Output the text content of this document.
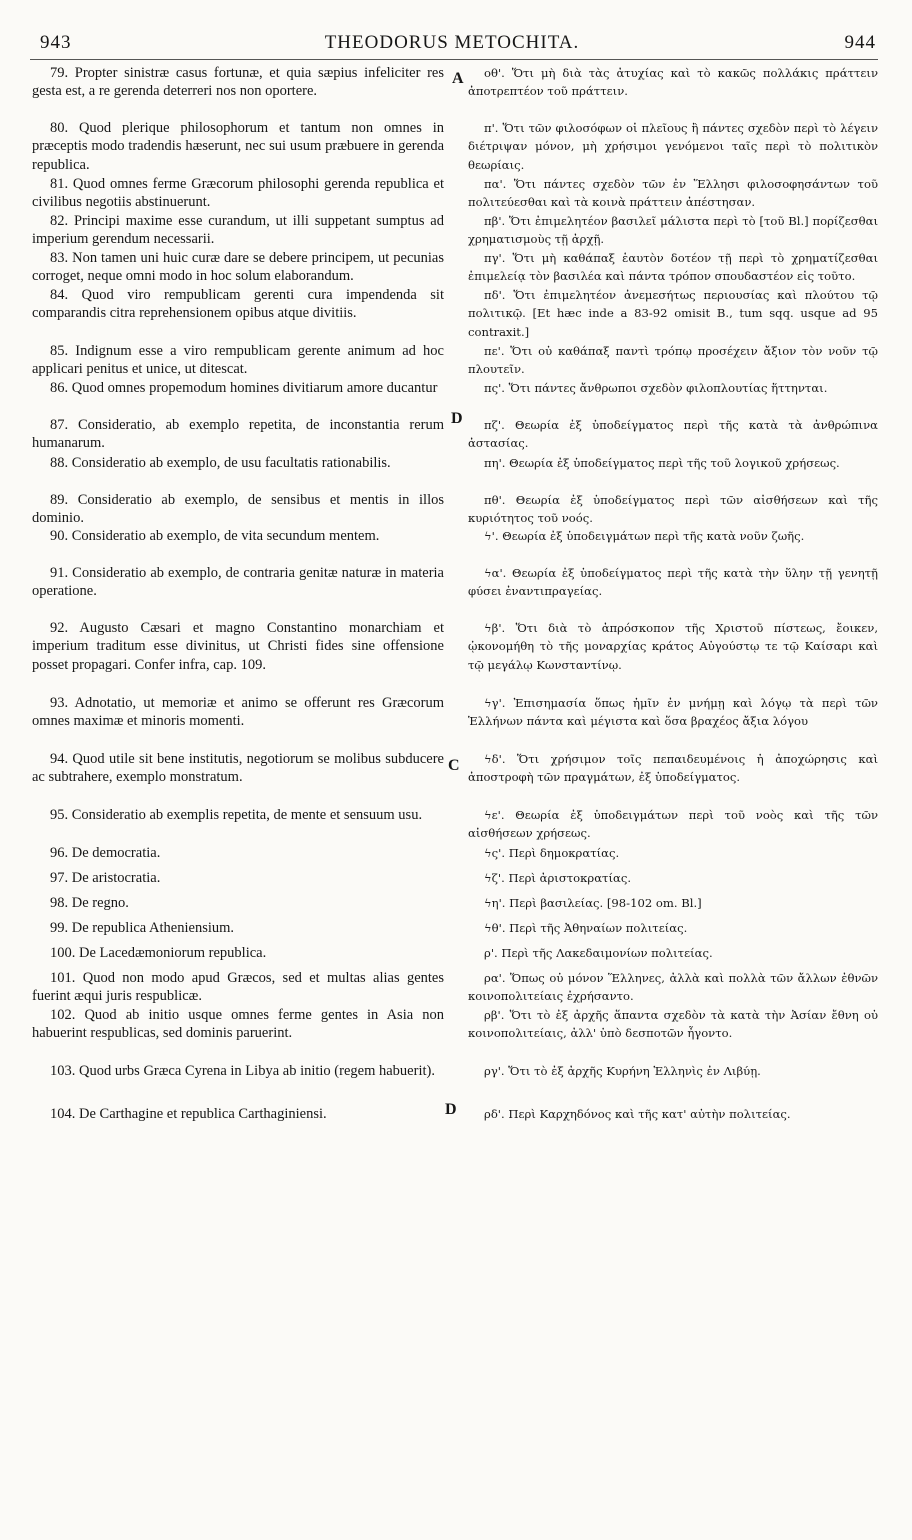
943	THEODORUS METOCHITA.	944
79. Propter sinistræ casus fortunæ, et quia sæpius infeliciter res gesta est, a re gerenda deterreri nos non oportere.
80. Quod plerique philosophorum et tantum non omnes in præceptis modo tradendis hæserunt, nec sui usum præbuere in gerenda republica.
81. Quod omnes ferme Græcorum philosophi gerenda republica et civilibus negotiis abstinuerunt.
82. Principi maxime esse curandum, ut illi suppetant sumptus ad imperium gerendum necessarii.
83. Non tamen uni huic curæ dare se debere principem, ut pecunias corroget, neque omni modo in hoc solum elaborandum.
84. Quod viro rempublicam gerenti cura impendenda sit comparandis citra reprehensionem opibus atque divitiis.
85. Indignum esse a viro rempublicam gerente animum ad hoc applicari penitus et unice, ut ditescat.
86. Quod omnes propemodum homines divitiarum amore ducantur
87. Consideratio, ab exemplo repetita, de inconstantia rerum humanarum.
88. Consideratio ab exemplo, de usu facultatis rationabilis.
89. Consideratio ab exemplo, de sensibus et mentis in illos dominio.
90. Consideratio ab exemplo, de vita secundum mentem.
91. Consideratio ab exemplo, de contraria genitæ naturæ in materia operatione.
92. Augusto Cæsari et magno Constantino monarchiam et imperium traditum esse divinitus, ut Christi fides sine offensione posset propagari. Confer infra, cap. 109.
93. Adnotatio, ut memoriæ et animo se offerunt res Græcorum omnes maximæ et minoris momenti.
94. Quod utile sit bene institutis, negotiorum se molibus subducere ac subtrahere, exemplo monstratum.
95. Consideratio ab exemplis repetita, de mente et sensuum usu.
96. De democratia.
97. De aristocratia.
98. De regno.
99. De republica Atheniensium.
100. De Lacedæmoniorum republica.
101. Quod non modo apud Græcos, sed et multas alias gentes fuerint æqui juris respublicæ.
102. Quod ab initio usque omnes ferme gentes in Asia non habuerint respublicas, sed dominis paruerint.
103. Quod urbs Græca Cyrena in Libya ab initio (regem habuerit).
104. De Carthagine et republica Carthaginiensi.
οθ'. Ὅτι μὴ διὰ τὰς ἀτυχίας καὶ τὸ κακῶς πολλάκις πράττειν ἀποτρεπτέον τοῦ πράττειν.
π'. Ὅτι τῶν φιλοσόφων οἱ πλεῖους ἢ πάντες σχεδὸν περὶ τὸ λέγειν διέτριψαν μόνον, μὴ χρήσιμοι γενόμενοι ταῖς περὶ τὸ πολιτικὸν θεωρίαις.
πα'. Ὅτι πάντες σχεδὸν τῶν ἐν Ἕλλησι φιλοσοφησάντων τοῦ πολιτεύεσθαι καὶ τὰ κοινὰ πράττειν ἀπέστησαν.
πβ'. Ὅτι ἐπιμελητέον βασιλεῖ μάλιστα περὶ τὸ [τοῦ Bl.] πορίζεσθαι χρηματισμοὺς τῇ ἀρχῇ.
πγ'. Ὅτι μὴ καθάπαξ ἑαυτὸν δοτέον τῇ περὶ τὸ χρηματίζεσθαι ἐπιμελείᾳ τὸν βασιλέα καὶ πάντα τρόπον σπουδαστέον εἰς τοῦτο.
πδ'. Ὅτι ἐπιμελητέον ἀνεμεσήτως περιουσίας καὶ πλούτου τῷ πολιτικῷ. [Et hæc inde a 83-92 omisit B., tum sqq. usque ad 95 contraxit.]
πε'. Ὅτι οὐ καθάπαξ παντὶ τρόπῳ προσέχειν ἄξιον τὸν νοῦν τῷ πλουτεῖν.
πς'. Ὅτι πάντες ἄνθρωποι σχεδὸν φιλοπλουτίας ἥττηνται.
πζ'. Θεωρία ἐξ ὑποδείγματος περὶ τῆς κατὰ τὰ ἀνθρώπινα ἀστασίας.
πη'. Θεωρία ἐξ ὑποδείγματος περὶ τῆς τοῦ λογικοῦ χρήσεως.
πθ'. Θεωρία ἐξ ὑποδείγματος περὶ τῶν αἰσθήσεων καὶ τῆς κυριότητος τοῦ νοός.
ϟ'. Θεωρία ἐξ ὑποδειγμάτων περὶ τῆς κατὰ νοῦν ζωῆς.
ϟα'. Θεωρία ἐξ ὑποδείγματος περὶ τῆς κατὰ τὴν ὕλην τῇ γενητῇ φύσει ἐναντιπραγείας.
ϟβ'. Ὅτι διὰ τὸ ἀπρόσκοπον τῆς Χριστοῦ πίστεως, ἔοικεν, ᾠκονομήθη τὸ τῆς μοναρχίας κράτος Αὐγούστῳ τε τῷ Καίσαρι καὶ τῷ μεγάλῳ Κωνσταντίνῳ.
ϟγ'. Ἐπισημασία ὅπως ἡμῖν ἐν μνήμῃ καὶ λόγῳ τὰ περὶ τῶν Ἑλλήνων πάντα καὶ μέγιστα καὶ ὅσα βραχέος ἄξια λόγου
ϟδ'. Ὅτι χρήσιμον τοῖς πεπαιδευμένοις ἡ ἀποχώρησις καὶ ἀποστροφὴ τῶν πραγμάτων, ἐξ ὑποδείγματος.
ϟε'. Θεωρία ἐξ ὑποδειγμάτων περὶ τοῦ νοὸς καὶ τῆς τῶν αἰσθήσεων χρήσεως.
ϟς'. Περὶ δημοκρατίας.
ϟζ'. Περὶ ἀριστοκρατίας.
ϟη'. Περὶ βασιλείας. [98-102 om. Bl.]
ϟθ'. Περὶ τῆς Ἀθηναίων πολιτείας.
ρ'. Περὶ τῆς Λακεδαιμονίων πολιτείας.
ρα'. Ὅπως οὐ μόνον Ἕλληνες, ἀλλὰ καὶ πολλὰ τῶν ἄλλων ἐθνῶν κοινοπολιτείαις ἐχρήσαντο.
ρβ'. Ὅτι τὸ ἐξ ἀρχῆς ἅπαντα σχεδὸν τὰ κατὰ τὴν Ἀσίαν ἔθνη οὐ κοινοπολιτείαις, ἀλλ' ὑπὸ δεσποτῶν ἦγοντο.
ργ'. Ὅτι τὸ ἐξ ἀρχῆς Κυρήνη Ἑλληνὶς ἐν Λιβύῃ.
ρδ'. Περὶ Καρχηδόνος καὶ τῆς κατ' αὐτὴν πολιτείας.
A
D
C
D
